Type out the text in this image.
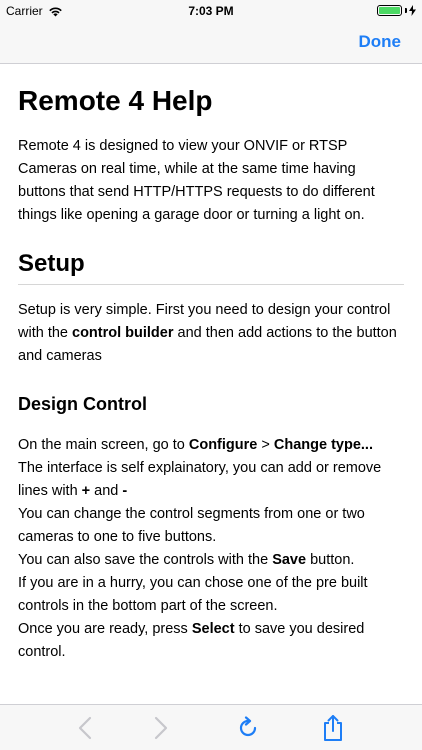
Carrier	7:03 PM
Done
Remote 4 Help

Remote 4 is designed to view your ONVIF or RTSP Cameras on real time, while at the same time having buttons that send HTTP/HTTPS requests to do different things like opening a garage door or turning a light on.

Setup

Setup is very simple. First you need to design your control with the control builder and then add actions to the button and cameras

Design Control

On the main screen, go to Configure > Change type...
The interface is self explainatory, you can add or remove lines with + and -
You can change the control segments from one or two cameras to one to five buttons.
You can also save the controls with the Save button.
If you are in a hurry, you can chose one of the pre built controls in the bottom part of the screen.
Once you are ready, press Select to save you desired control.
